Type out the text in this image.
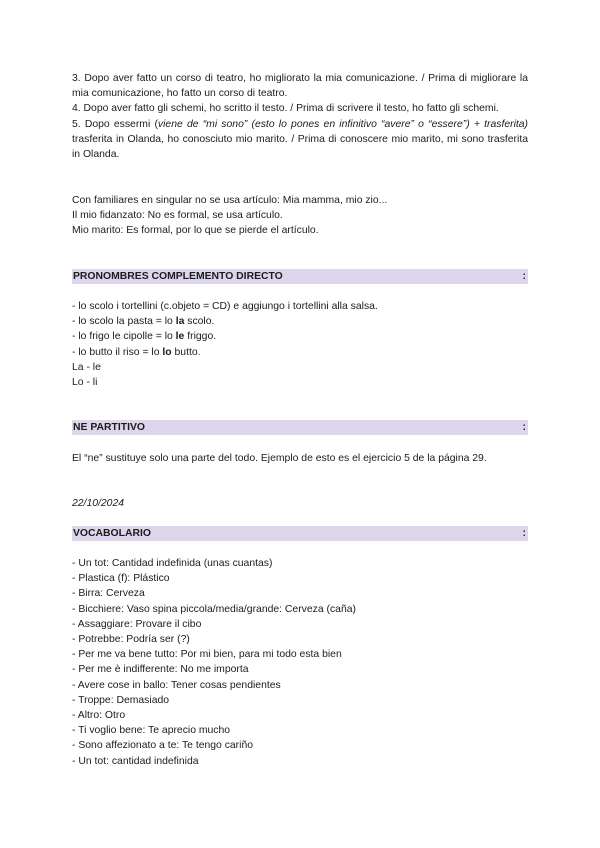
3. Dopo aver fatto un corso di teatro, ho migliorato la mia comunicazione. / Prima di migliorare la mia comunicazione, ho fatto un corso di teatro.

4. Dopo aver fatto gli schemi, ho scritto il testo. / Prima di scrivere il testo, ho fatto gli schemi.

5. Dopo essermi (viene de “mi sono” (esto lo pones en infinitivo “avere” o “essere”) + trasferita) trasferita in Olanda, ho conosciuto mio marito. / Prima di conoscere mio marito, mi sono trasferita in Olanda.

Con familiares en singular no se usa artículo: Mia mamma, mio zio...

Il mio fidanzato: No es formal, se usa artículo.

Mio marito: Es formal, por lo que se pierde el artículo.

PRONOMBRES COMPLEMENTO DIRECTO	:

- lo scolo i tortellini (c.objeto = CD) e aggiungo i tortellini alla salsa.

- lo scolo la pasta = lo la scolo.

- lo frigo le cipolle = lo le friggo.

- lo butto il riso = lo lo butto.

La - le

Lo - li

NE PARTITIVO	:

El “ne” sustituye solo una parte del todo. Ejemplo de esto es el ejercicio 5 de la página 29.

22/10/2024
VOCABOLARIO	:

- Un tot: Cantidad indefinida (unas cuantas)

- Plastica (f): Plástico

- Birra: Cerveza

- Bicchiere: Vaso spina piccola/media/grande: Cerveza (caña)

- Assaggiare: Provare il cibo

- Potrebbe: Podría ser (?)

- Per me va bene tutto: Por mi bien, para mi todo esta bien

- Per me è indifferente: No me importa

- Avere cose in ballo: Tener cosas pendientes

- Troppe: Demasiado

- Altro: Otro

- Ti voglio bene: Te aprecio mucho

- Sono affezionato a te: Te tengo cariño

- Un tot: cantidad indefinida
